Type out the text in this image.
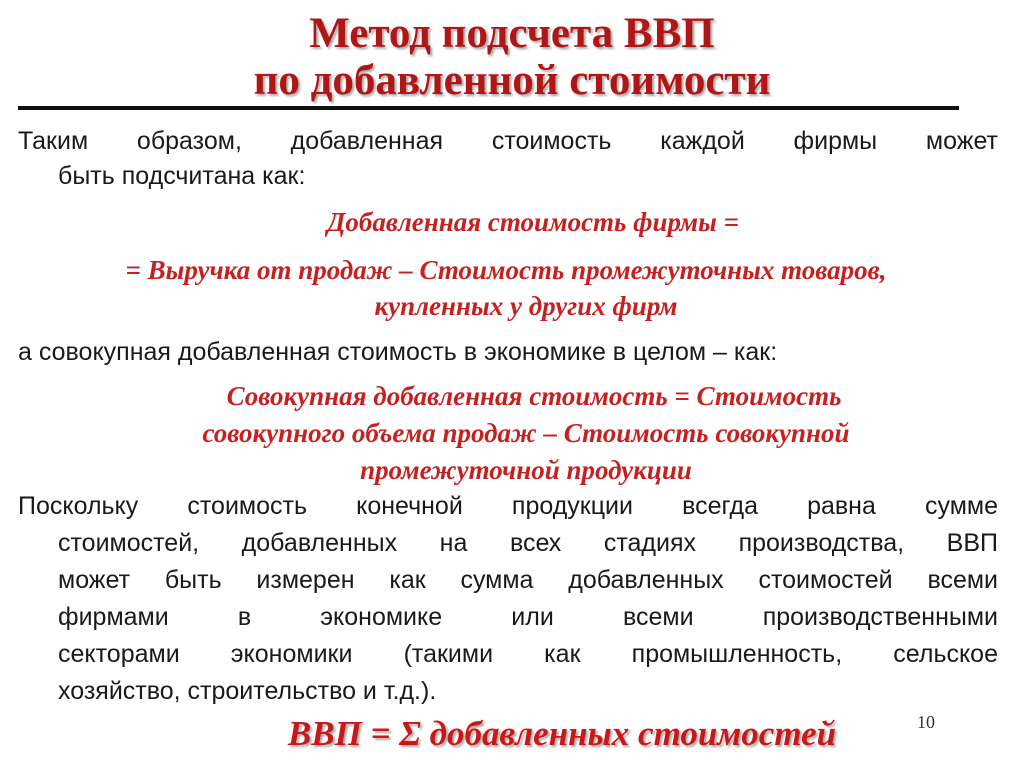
Метод подсчета ВВП
по добавленной стоимости

Таким образом, добавленная стоимость каждой фирмы может

быть подсчитана как:

Добавленная стоимость фирмы =

= Выручка от продаж – Стоимость промежуточных товаров,

купленных у других фирм

а совокупная добавленная стоимость в экономике в целом – как:

Совокупная добавленная стоимость = Стоимость

совокупного объема продаж – Стоимость совокупной

промежуточной продукции

Поскольку стоимость конечной продукции всегда равна сумме

стоимостей, добавленных на всех стадиях производства, ВВП

может быть измерен как сумма добавленных стоимостей всеми

фирмами в экономике или всеми производственными

секторами экономики (такими как промышленность, сельское

хозяйство, строительство и т.д.).

10

ВВП = Σ добавленных стоимостей
